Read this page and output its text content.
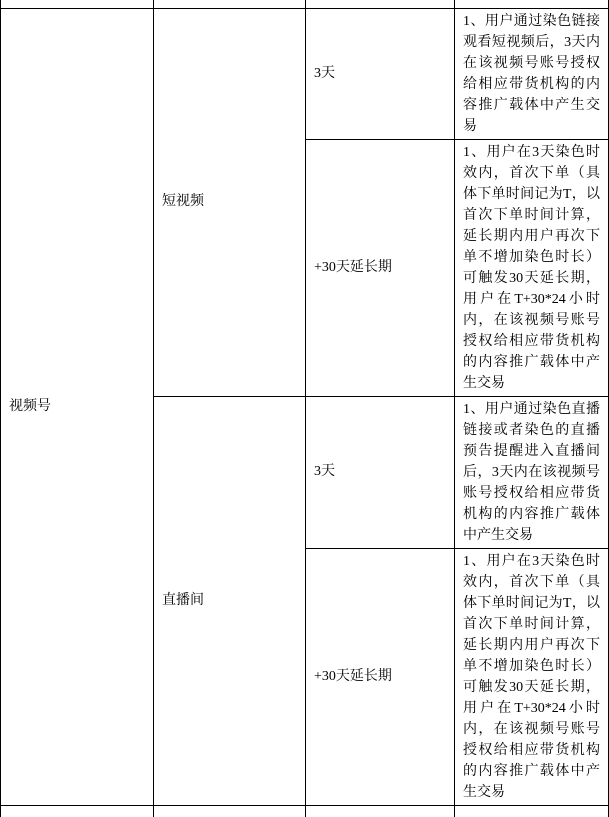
视频号	短视频	3天	1、用户通过染色链接观看短视频后，3天内在该视频号账号授权给相应带货机构的内容推广载体中产生交易
		+30天延长期	1、用户在3天染色时效内，首次下单（具体下单时间记为T，以首次下单时间计算，延长期内用户再次下单不增加染色时长）可触发30天延长期，用户在T+30*24小时内，在该视频号账号授权给相应带货机构的内容推广载体中产生交易
	直播间	3天	1、用户通过染色直播链接或者染色的直播预告提醒进入直播间后，3天内在该视频号账号授权给相应带货机构的内容推广载体中产生交易
		+30天延长期	1、用户在3天染色时效内，首次下单（具体下单时间记为T，以首次下单时间计算，延长期内用户再次下单不增加染色时长）可触发30天延长期，用户在T+30*24小时内，在该视频号账号授权给相应带货机构的内容推广载体中产生交易
